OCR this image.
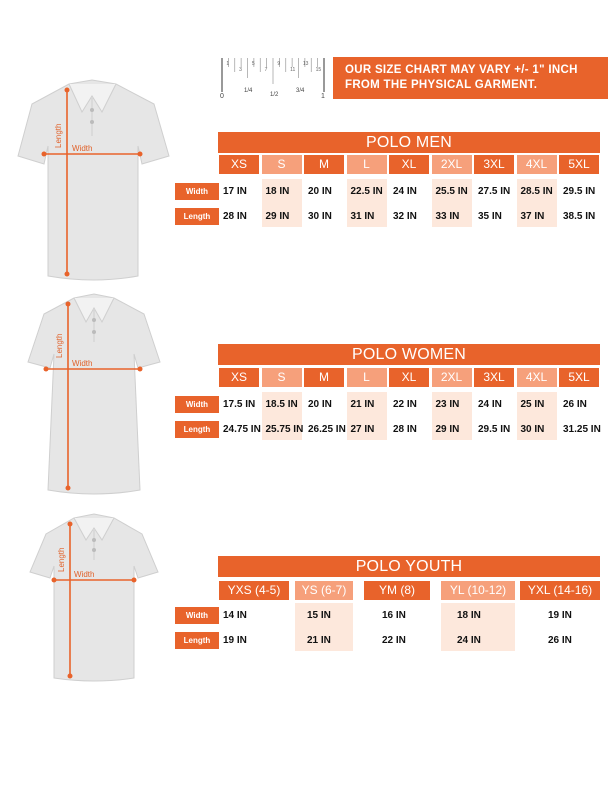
1
3
5
7
9
11
13
15
0	1
1/4
1/2
3/4
OUR SIZE CHART MAY VARY +/- 1" INCH
FROM THE PHYSICAL GARMENT.
Length
Width
Length
Width
Length
Width
POLO MEN
XS	S	M	L	XL	2XL	3XL	4XL	5XL
Width	17 IN 18 IN 20 IN 22.5 IN 24 IN 25.5 IN 27.5 IN 28.5 IN 29.5 IN
Length	28 IN 29 IN 30 IN 31 IN 32 IN 33 IN 35 IN 37 IN 38.5 IN
POLO WOMEN
XS	S	M	L	XL	2XL	3XL	4XL	5XL
Width	17.5 IN 18.5 IN 20 IN 21 IN 22 IN 23 IN 24 IN 25 IN 26 IN
Length	24.75 IN 25.75 IN 26.25 IN 27 IN 28 IN 29 IN 29.5 IN 30 IN 31.25 IN
POLO YOUTH
YXS (4-5)	YS (6-7)	YM (8)	YL (10-12)	YXL (14-16)
Width	14 IN	15 IN	16 IN	18 IN	19 IN
Length	19 IN	21 IN	22 IN	24 IN	26 IN
